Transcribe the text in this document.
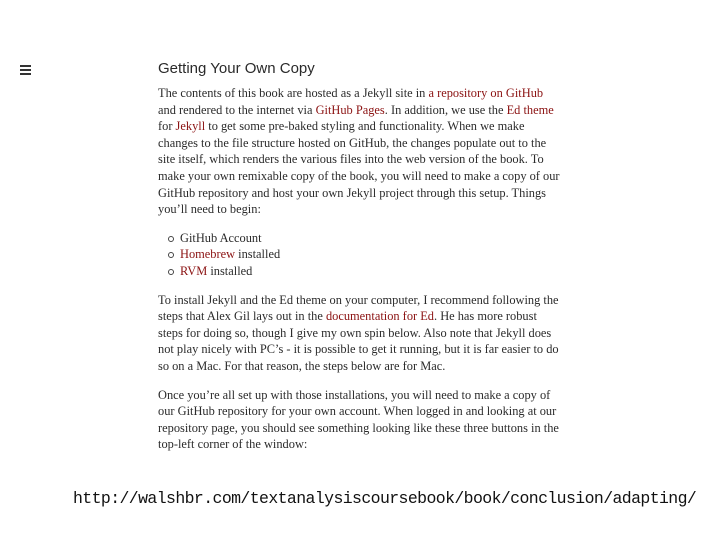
Getting Your Own Copy

The contents of this book are hosted as a Jekyll site in a repository on GitHub and rendered to the internet via GitHub Pages. In addition, we use the Ed theme for Jekyll to get some pre-baked styling and functionality. When we make changes to the file structure hosted on GitHub, the changes populate out to the site itself, which renders the various files into the web version of the book. To make your own remixable copy of the book, you will need to make a copy of our GitHub repository and host your own Jekyll project through this setup. Things you’ll need to begin:

GitHub Account
Homebrew installed
RVM installed

To install Jekyll and the Ed theme on your computer, I recommend following the steps that Alex Gil lays out in the documentation for Ed. He has more robust steps for doing so, though I give my own spin below. Also note that Jekyll does not play nicely with PC’s - it is possible to get it running, but it is far easier to do so on a Mac. For that reason, the steps below are for Mac.

Once you’re all set up with those installations, you will need to make a copy of our GitHub repository for your own account. When logged in and looking at our repository page, you should see something looking like these three buttons in the top-left corner of the window:

http://walshbr.com/textanalysiscoursebook/book/conclusion/adapting/
